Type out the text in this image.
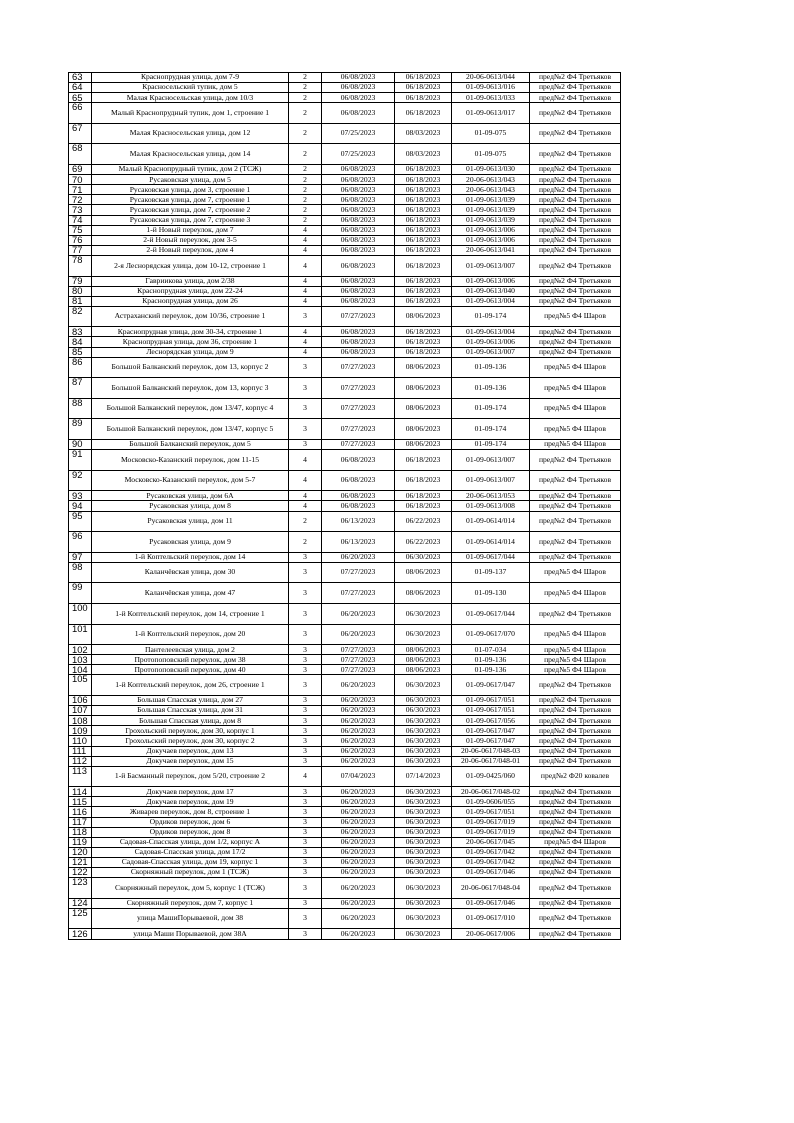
63	Краснопрудная улица, дом 7-9	2	06/08/2023	06/18/2023	20-06-0613/044	пред№2 Ф4 Третьяков
64	Красносельский тупик, дом 5	2	06/08/2023	06/18/2023	01-09-0613/016	пред№2 Ф4 Третьяков
65	Малая Красносельская улица, дом 10/3	2	06/08/2023	06/18/2023	01-09-0613/033	пред№2 Ф4 Третьяков
66	Малый Краснопрудный тупик, дом 1, строение 1	2	06/08/2023	06/18/2023	01-09-0613/017	пред№2 Ф4 Третьяков
67	Малая Красносельская улица, дом 12	2	07/25/2023	08/03/2023	01-09-075	пред№2 Ф4 Третьяков
68	Малая Красносельская улица, дом 14	2	07/25/2023	08/03/2023	01-09-075	пред№2 Ф4 Третьяков
69	Малый Краснопрудный тупик, дом 2 (ТСЖ)	2	06/08/2023	06/18/2023	01-09-0613/030	пред№2 Ф4 Третьяков
70	Русаковская улица, дом 5	2	06/08/2023	06/18/2023	20-06-0613/043	пред№2 Ф4 Третьяков
71	Русаковская улица, дом 3, строение 1	2	06/08/2023	06/18/2023	20-06-0613/043	пред№2 Ф4 Третьяков
72	Русаковская улица, дом 7, строение 1	2	06/08/2023	06/18/2023	01-09-0613/039	пред№2 Ф4 Третьяков
73	Русаковская улица, дом 7, строение 2	2	06/08/2023	06/18/2023	01-09-0613/039	пред№2 Ф4 Третьяков
74	Русаковская улица, дом 7, строение 3	2	06/08/2023	06/18/2023	01-09-0613/039	пред№2 Ф4 Третьяков
75	1-й Новый переулок, дом 7	4	06/08/2023	06/18/2023	01-09-0613/006	пред№2 Ф4 Третьяков
76	2-й Новый переулок, дом 3-5	4	06/08/2023	06/18/2023	01-09-0613/006	пред№2 Ф4 Третьяков
77	2-й Новый переулок, дом 4	4	06/08/2023	06/18/2023	20-06-0613/041	пред№2 Ф4 Третьяков
78	2-я Леснорядская улица, дом 10-12, строение 1	4	06/08/2023	06/18/2023	01-09-0613/007	пред№2 Ф4 Третьяков
79	Гавриикова улица, дом 2/38	4	06/08/2023	06/18/2023	01-09-0613/006	пред№2 Ф4 Третьяков
80	Краснопрудная улица, дом 22-24	4	06/08/2023	06/18/2023	01-09-0613/040	пред№2 Ф4 Третьяков
81	Краснопрудная улица, дом 26	4	06/08/2023	06/18/2023	01-09-0613/004	пред№2 Ф4 Третьяков
82	Астраханский переулок, дом 10/36, строение 1	3	07/27/2023	08/06/2023	01-09-174	пред№5 Ф4 Шаров
83	Краснопрудная улица, дом 30-34, строение 1	4	06/08/2023	06/18/2023	01-09-0613/004	пред№2 Ф4 Третьяков
84	Краснопрудная улица, дом 36, строение 1	4	06/08/2023	06/18/2023	01-09-0613/006	пред№2 Ф4 Третьяков
85	Леснорядская улица, дом 9	4	06/08/2023	06/18/2023	01-09-0613/007	пред№2 Ф4 Третьяков
86	Большой Балканский переулок, дом 13, корпус 2	3	07/27/2023	08/06/2023	01-09-136	пред№5 Ф4 Шаров
87	Большой Балканский переулок, дом 13, корпус 3	3	07/27/2023	08/06/2023	01-09-136	пред№5 Ф4 Шаров
88	Большой Балканский переулок, дом 13/47, корпус 4	3	07/27/2023	08/06/2023	01-09-174	пред№5 Ф4 Шаров
89	Большой Балканский переулок, дом 13/47, корпус 5	3	07/27/2023	08/06/2023	01-09-174	пред№5 Ф4 Шаров
90	Большой Балканский переулок, дом 5	3	07/27/2023	08/06/2023	01-09-174	пред№5 Ф4 Шаров
91	Московско-Казанский переулок, дом 11-15	4	06/08/2023	06/18/2023	01-09-0613/007	пред№2 Ф4 Третьяков
92	Московско-Казанский переулок, дом 5-7	4	06/08/2023	06/18/2023	01-09-0613/007	пред№2 Ф4 Третьяков
93	Русаковская улица, дом 6А	4	06/08/2023	06/18/2023	20-06-0613/053	пред№2 Ф4 Третьяков
94	Русаковская улица, дом 8	4	06/08/2023	06/18/2023	01-09-0613/008	пред№2 Ф4 Третьяков
95	Русаковская улица, дом 11	2	06/13/2023	06/22/2023	01-09-0614/014	пред№2 Ф4 Третьяков
96	Русаковская улица, дом 9	2	06/13/2023	06/22/2023	01-09-0614/014	пред№2 Ф4 Третьяков
97	1-й Коптельский переулок, дом 14	3	06/20/2023	06/30/2023	01-09-0617/044	пред№2 Ф4 Третьяков
98	Каланчёвская улица, дом 30	3	07/27/2023	08/06/2023	01-09-137	пред№5 Ф4 Шаров
99	Каланчёвская улица, дом 47	3	07/27/2023	08/06/2023	01-09-130	пред№5 Ф4 Шаров
100	1-й Коптельский переулок, дом 14, строение 1	3	06/20/2023	06/30/2023	01-09-0617/044	пред№2 Ф4 Третьяков
101	1-й Коптельский переулок, дом 20	3	06/20/2023	06/30/2023	01-09-0617/070	пред№5 Ф4 Шаров
102	Пантелеевская улица, дом 2	3	07/27/2023	08/06/2023	01-07-034	пред№5 Ф4 Шаров
103	Протопоповский переулок, дом 38	3	07/27/2023	08/06/2023	01-09-136	пред№5 Ф4 Шаров
104	Протопоповский переулок, дом 40	3	07/27/2023	08/06/2023	01-09-136	пред№5 Ф4 Шаров
105	1-й Коптельский переулок, дом 26, строение 1	3	06/20/2023	06/30/2023	01-09-0617/047	пред№2 Ф4 Третьяков
106	Большая Спасская улица, дом 27	3	06/20/2023	06/30/2023	01-09-0617/051	пред№2 Ф4 Третьяков
107	Большая Спасская улица, дом 31	3	06/20/2023	06/30/2023	01-09-0617/051	пред№2 Ф4 Третьяков
108	Большая Спасская улица, дом 8	3	06/20/2023	06/30/2023	01-09-0617/056	пред№2 Ф4 Третьяков
109	Грохольский переулок, дом 30, корпус 1	3	06/20/2023	06/30/2023	01-09-0617/047	пред№2 Ф4 Третьяков
110	Грохольский переулок, дом 30, корпус 2	3	06/20/2023	06/30/2023	01-09-0617/047	пред№2 Ф4 Третьяков
111	Докучаев переулок, дом 13	3	06/20/2023	06/30/2023	20-06-0617/048-03	пред№2 Ф4 Третьяков
112	Докучаев переулок, дом 15	3	06/20/2023	06/30/2023	20-06-0617/048-01	пред№2 Ф4 Третьяков
113	1-й Басманный переулок, дом 5/20, строение 2	4	07/04/2023	07/14/2023	01-09-0425/060	пред№2 Ф20 ковалев
114	Докучаев переулок, дом 17	3	06/20/2023	06/30/2023	20-06-0617/048-02	пред№2 Ф4 Третьяков
115	Докучаев переулок, дом 19	3	06/20/2023	06/30/2023	01-09-0606/055	пред№2 Ф4 Третьяков
116	Живарев переулок, дом 8, строение 1	3	06/20/2023	06/30/2023	01-09-0617/051	пред№2 Ф4 Третьяков
117	Ордиков переулок, дом 6	3	06/20/2023	06/30/2023	01-09-0617/019	пред№2 Ф4 Третьяков
118	Ордиков переулок, дом 8	3	06/20/2023	06/30/2023	01-09-0617/019	пред№2 Ф4 Третьяков
119	Садовая-Спасская улица, дом 1/2, корпус А	3	06/20/2023	06/30/2023	20-06-0617/045	пред№5 Ф4 Шаров
120	Садовая-Спасская улица, дом 17/2	3	06/20/2023	06/30/2023	01-09-0617/042	пред№2 Ф4 Третьяков
121	Садовая-Спасская улица, дом 19, корпус 1	3	06/20/2023	06/30/2023	01-09-0617/042	пред№2 Ф4 Третьяков
122	Скорняжный переулок, дом 1 (ТСЖ)	3	06/20/2023	06/30/2023	01-09-0617/046	пред№2 Ф4 Третьяков
123	Скорняжный переулок, дом 5, корпус 1 (ТСЖ)	3	06/20/2023	06/30/2023	20-06-0617/048-04	пред№2 Ф4 Третьяков
124	Скорняжный переулок, дом 7, корпус 1	3	06/20/2023	06/30/2023	01-09-0617/046	пред№2 Ф4 Третьяков
125	улица МашиПорываевой, дом 38	3	06/20/2023	06/30/2023	01-09-0617/010	пред№2 Ф4 Третьяков
126	улица Маши Порываевой, дом 38А	3	06/20/2023	06/30/2023	20-06-0617/006	пред№2 Ф4 Третьяков
